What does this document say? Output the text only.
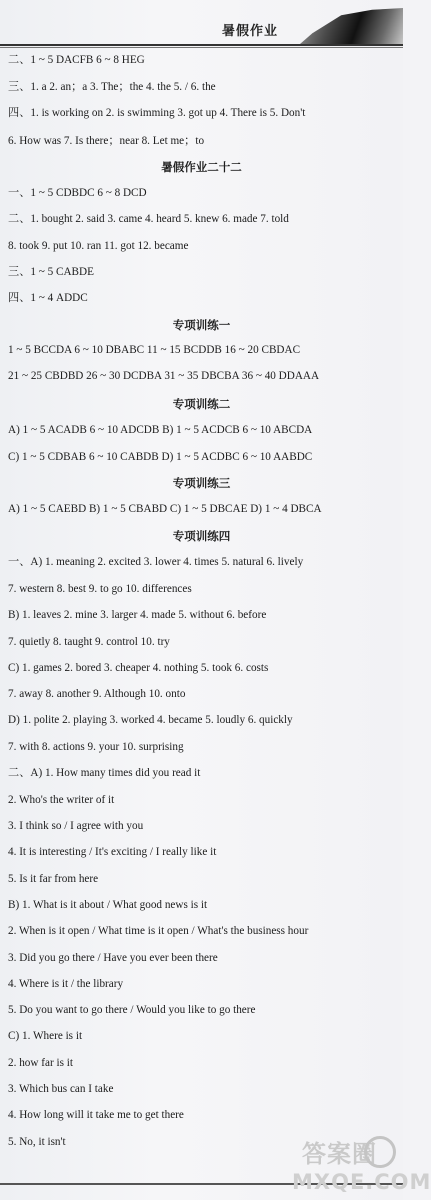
暑假作业
二、1 ~ 5 DACFB 6 ~ 8 HEG
三、1. a 2. an；a 3. The；the 4. the 5. / 6. the
四、1. is working on 2. is swimming 3. got up 4. There is 5. Don't
6. How was 7. Is there；near 8. Let me；to
一、1 ~ 5 CDBDC 6 ~ 8 DCD
二、1. bought 2. said 3. came 4. heard 5. knew 6. made 7. told
8. took 9. put 10. ran 11. got 12. became
三、1 ~ 5 CABDE
四、1 ~ 4 ADDC
1 ~ 5 BCCDA 6 ~ 10 DBABC 11 ~ 15 BCDDB 16 ~ 20 CBDAC
21 ~ 25 CBDBD 26 ~ 30 DCDBA 31 ~ 35 DBCBA 36 ~ 40 DDAAA
A) 1 ~ 5 ACADB 6 ~ 10 ADCDB B) 1 ~ 5 ACDCB 6 ~ 10 ABCDA
C) 1 ~ 5 CDBAB 6 ~ 10 CABDB D) 1 ~ 5 ACDBC 6 ~ 10 AABDC
A) 1 ~ 5 CAEBD B) 1 ~ 5 CBABD C) 1 ~ 5 DBCAE D) 1 ~ 4 DBCA
一、A) 1. meaning 2. excited 3. lower 4. times 5. natural 6. lively
7. western 8. best 9. to go 10. differences
B) 1. leaves 2. mine 3. larger 4. made 5. without 6. before
7. quietly 8. taught 9. control 10. try
C) 1. games 2. bored 3. cheaper 4. nothing 5. took 6. costs
7. away 8. another 9. Although 10. onto
D) 1. polite 2. playing 3. worked 4. became 5. loudly 6. quickly
7. with 8. actions 9. your 10. surprising
二、A) 1. How many times did you read it
2. Who's the writer of it
3. I think so / I agree with you
4. It is interesting / It's exciting / I really like it
5. Is it far from here
B) 1. What is it about / What good news is it
2. When is it open / What time is it open / What's the business hour
3. Did you go there / Have you ever been there
4. Where is it / the library
5. Do you want to go there / Would you like to go there
C) 1. Where is it
2. how far is it
3. Which bus can I take
4. How long will it take me to get there
5. No, it isn't
暑假作业二十二
专项训练一
专项训练二
专项训练三
专项训练四
答案圈
MXQE.COM
